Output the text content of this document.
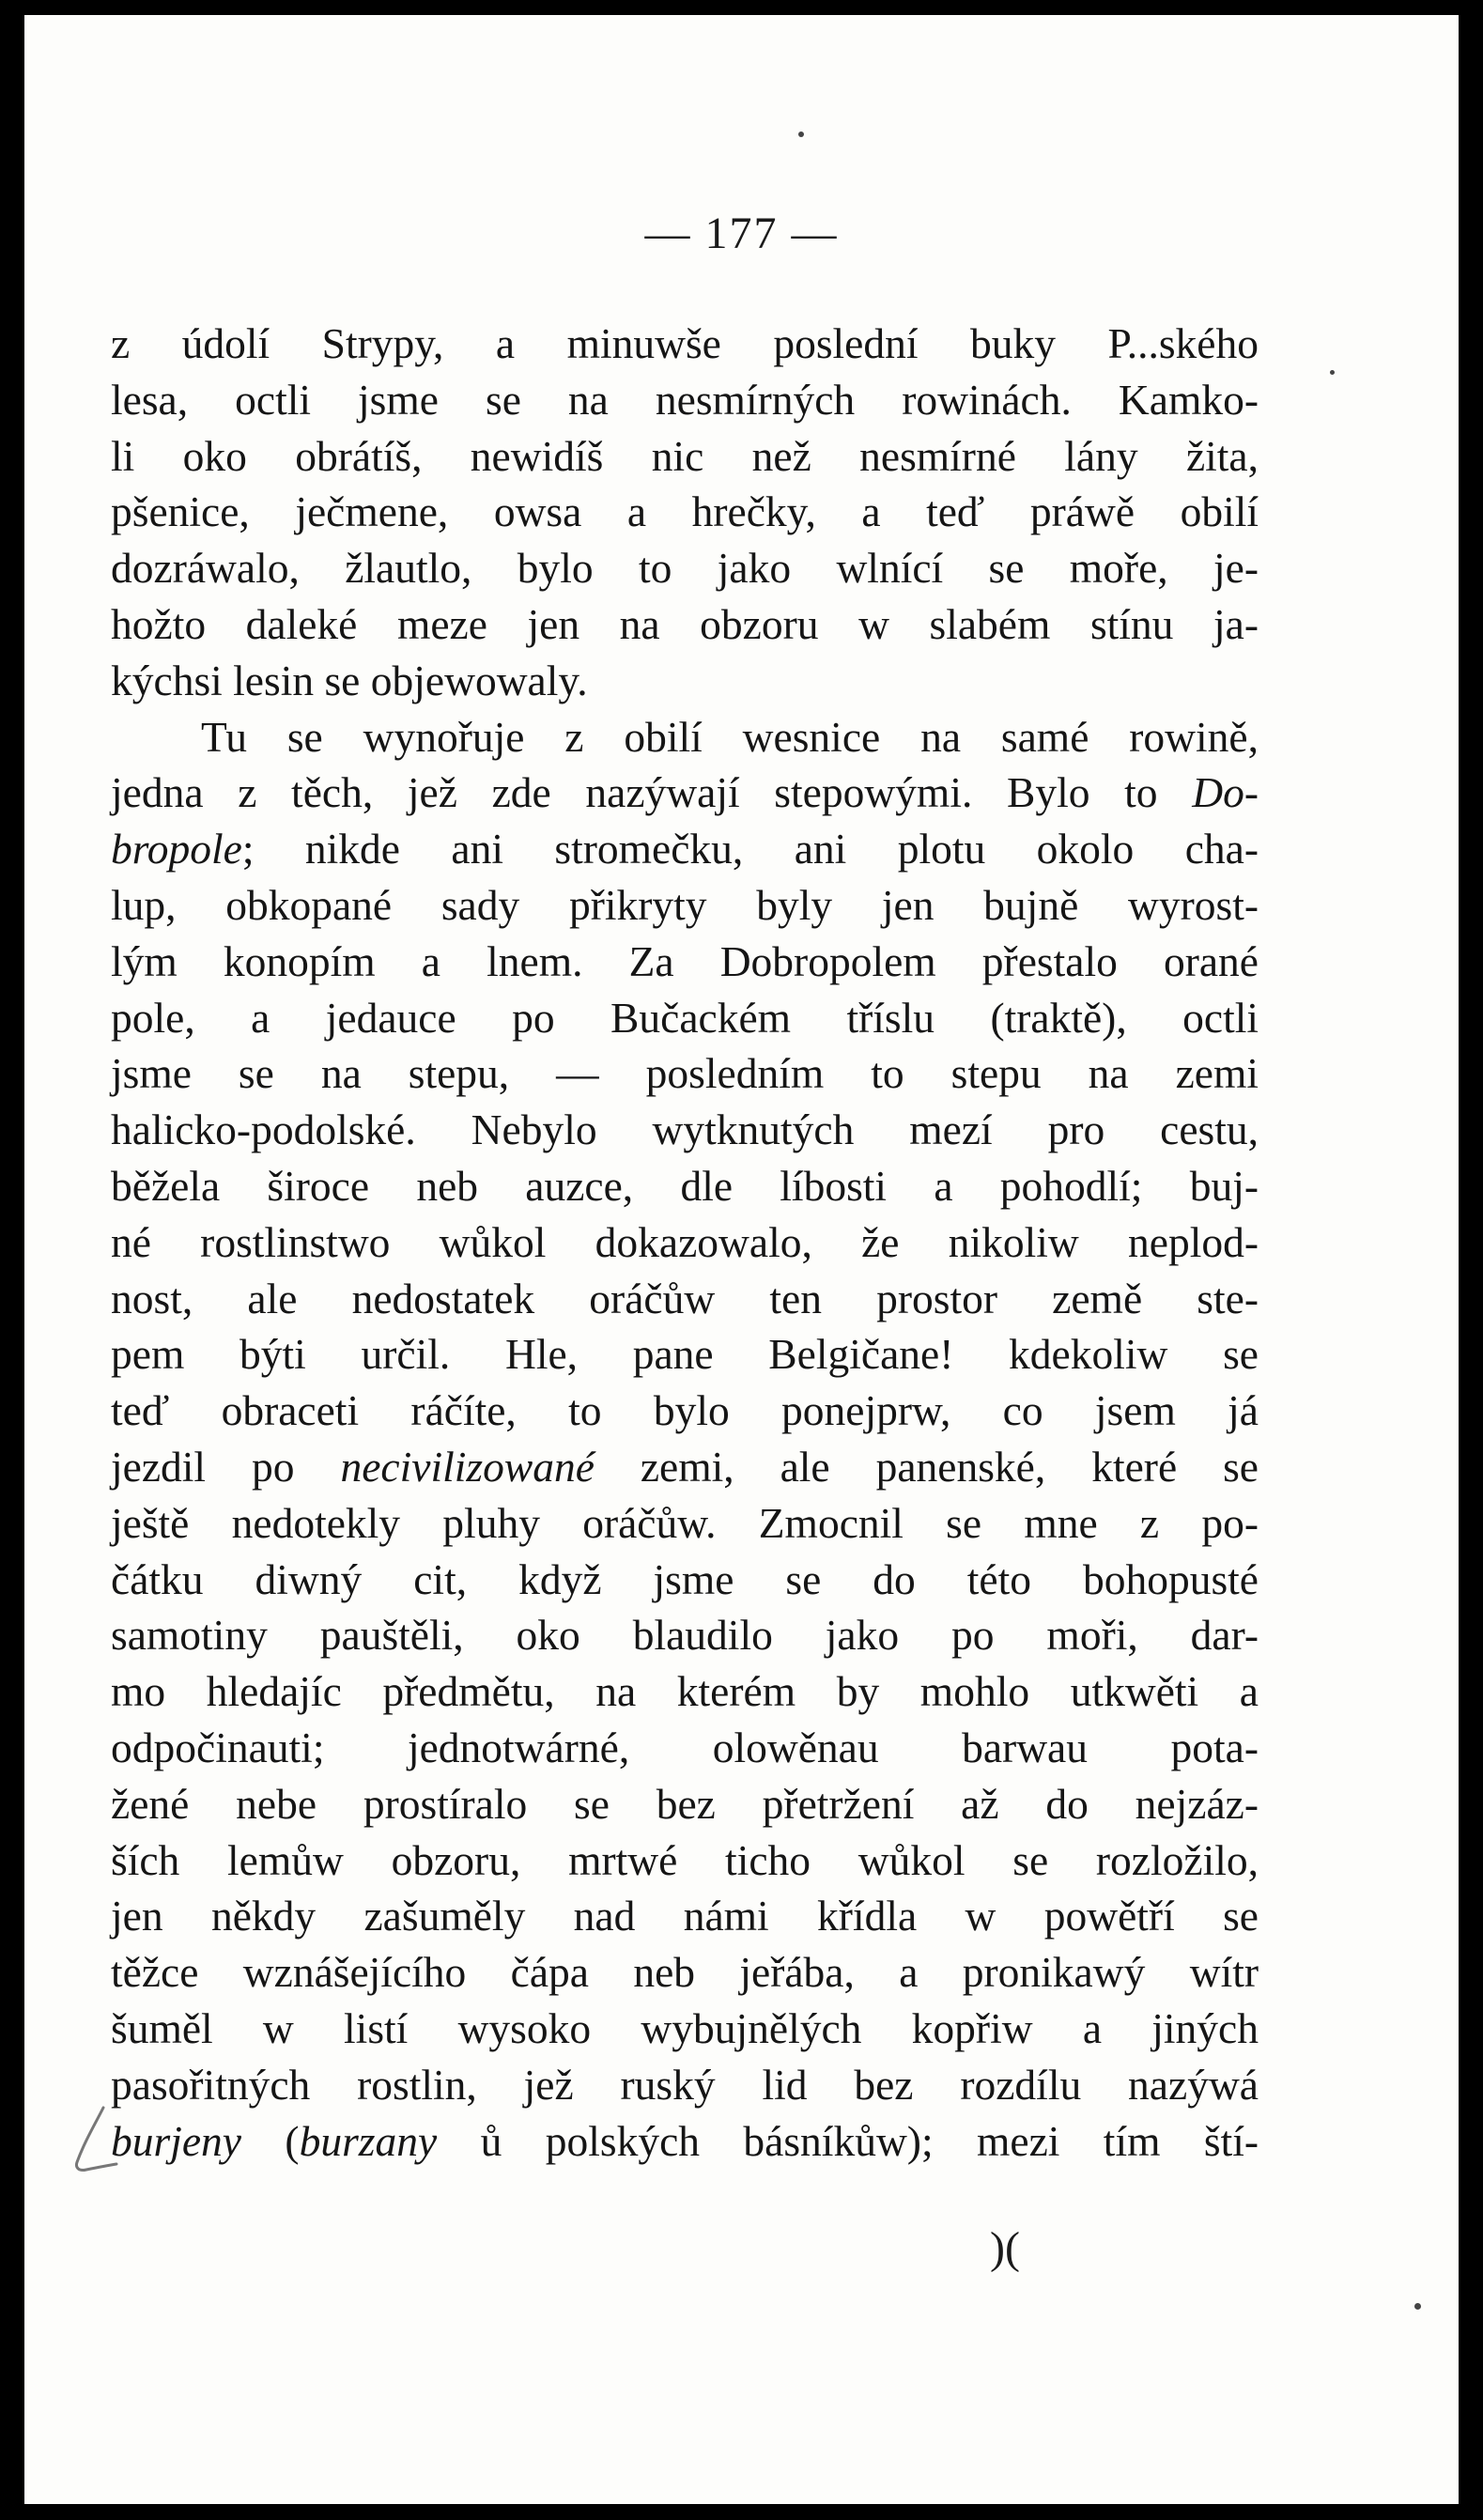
— 177 —
z údolí Strypy, a minuwše poslední buky P...ského
lesa, octli jsme se na nesmírných rowinách. Kamko-
li oko obrátíš, newidíš nic než nesmírné lány žita,
pšenice, ječmene, owsa a hrečky, a teď práwě obilí
dozráwalo, žlautlo, bylo to jako wlnící se moře, je-
hožto daleké meze jen na obzoru w slabém stínu ja-
kýchsi lesin se objewowaly.
Tu se wynořuje z obilí wesnice na samé rowině,
jedna z těch, jež zde nazýwají stepowými. Bylo to Do-
bropole; nikde ani stromečku, ani plotu okolo cha-
lup, obkopané sady přikryty byly jen bujně wyrost-
lým konopím a lnem. Za Dobropolem přestalo orané
pole, a jedauce po Bučackém tříslu (traktě), octli
jsme se na stepu, — posledním to stepu na zemi
halicko-podolské. Nebylo wytknutých mezí pro cestu,
běžela široce neb auzce, dle líbosti a pohodlí; buj-
né rostlinstwo wůkol dokazowalo, že nikoliw neplod-
nost, ale nedostatek oráčůw ten prostor země ste-
pem býti určil. Hle, pane Belgičane! kdekoliw se
teď obraceti ráčíte, to bylo ponejprw, co jsem já
jezdil po necivilizowané zemi, ale panenské, které se
ještě nedotekly pluhy oráčůw. Zmocnil se mne z po-
čátku diwný cit, když jsme se do této bohopusté
samotiny pauštěli, oko blaudilo jako po moři, dar-
mo hledajíc předmětu, na kterém by mohlo utkwěti a
odpočinauti; jednotwárné, olowěnau barwau pota-
žené nebe prostíralo se bez přetržení až do nejzáz-
ších lemůw obzoru, mrtwé ticho wůkol se rozložilo,
jen někdy zašuměly nad námi křídla w powětří se
těžce wznášejícího čápa neb jeřába, a pronikawý wítr
šuměl w listí wysoko wybujnělých kopřiw a jiných
pasořitných rostlin, jež ruský lid bez rozdílu nazýwá
burjeny (burzany ů polských básníkůw); mezi tím ští-
)(
